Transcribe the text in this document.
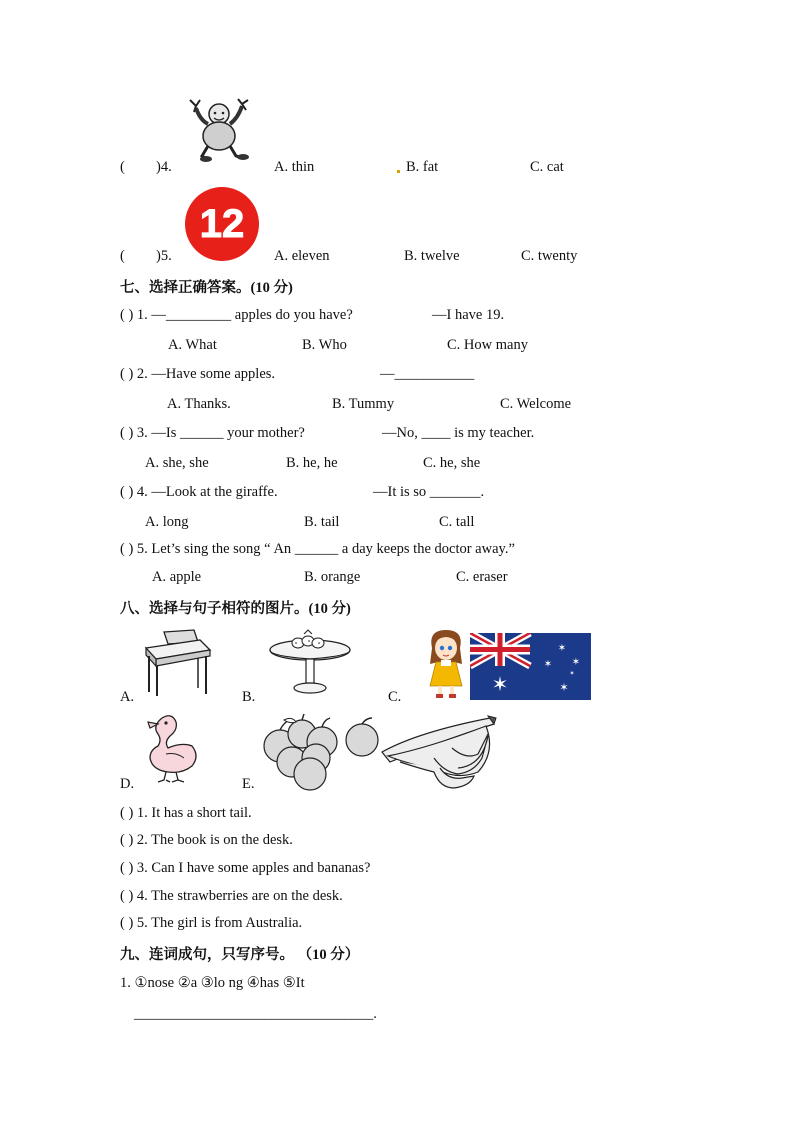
( )4.	A. thin	B. fat	C. cat
12
( )5.	A. eleven	B. twelve	C. twenty
七、选择正确答案。(10 分)
( ) 1. —_________ apples do you have?	—I have 19.
A. What	B. Who	C. How many
( ) 2. —Have some apples.	—___________
A. Thanks.	B. Tummy	C. Welcome
( ) 3. —Is ______ your mother?	—No, ____ is my teacher.
A. she, she	B. he, he	C. he, she
( ) 4. —Look at the giraffe.	—It is so _______.
A. long	B. tail	C. tall
( ) 5. Let’s sing the song “ An ______ a day keeps the doctor away.”
A. apple	B. orange	C. eraser
八、选择与句子相符的图片。(10 分)
A.	B.	C.
✶
✶
✶ ✶
✶
✶
D.	E.
( ) 1. It has a short tail.
( ) 2. The book is on the desk.
( ) 3. Can I have some apples and bananas?
( ) 4. The strawberries are on the desk.
( ) 5. The girl is from Australia.
九、连词成句，只写序号。 （10 分）
1. ①nose ②a ③lo ng ④has ⑤It
_________________________________.
